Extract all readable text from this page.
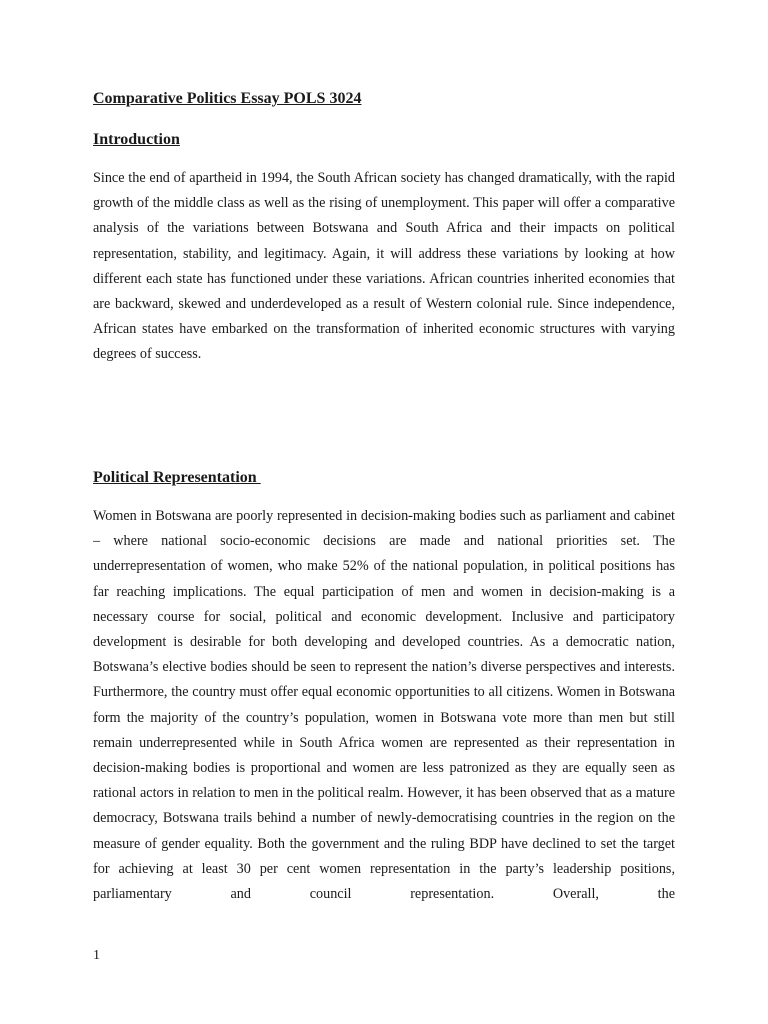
Comparative Politics Essay POLS 3024
Introduction

Since the end of apartheid in 1994, the South African society has changed dramatically, with the rapid growth of the middle class as well as the rising of unemployment. This paper will offer a comparative analysis of the variations between Botswana and South Africa and their impacts on political representation, stability, and legitimacy. Again, it will address these variations by looking at how different each state has functioned under these variations. African countries inherited economies that are backward, skewed and underdeveloped as a result of Western colonial rule. Since independence, African states have embarked on the transformation of inherited economic structures with varying degrees of success.

Political Representation

Women in Botswana are poorly represented in decision-making bodies such as parliament and cabinet – where national socio-economic decisions are made and national priorities set. The underrepresentation of women, who make 52% of the national population, in political positions has far reaching implications. The equal participation of men and women in decision-making is a necessary course for social, political and economic development. Inclusive and participatory development is desirable for both developing and developed countries. As a democratic nation, Botswana’s elective bodies should be seen to represent the nation’s diverse perspectives and interests. Furthermore, the country must offer equal economic opportunities to all citizens. Women in Botswana form the majority of the country’s population, women in Botswana vote more than men but still remain underrepresented while in South Africa women are represented as their representation in decision-making bodies is proportional and women are less patronized as they are equally seen as rational actors in relation to men in the political realm. However, it has been observed that as a mature democracy, Botswana trails behind a number of newly-democratising countries in the region on the measure of gender equality. Both the government and the ruling BDP have declined to set the target for achieving at least 30 per cent women representation in the party’s leadership positions, parliamentary and council representation. Overall, the

1
